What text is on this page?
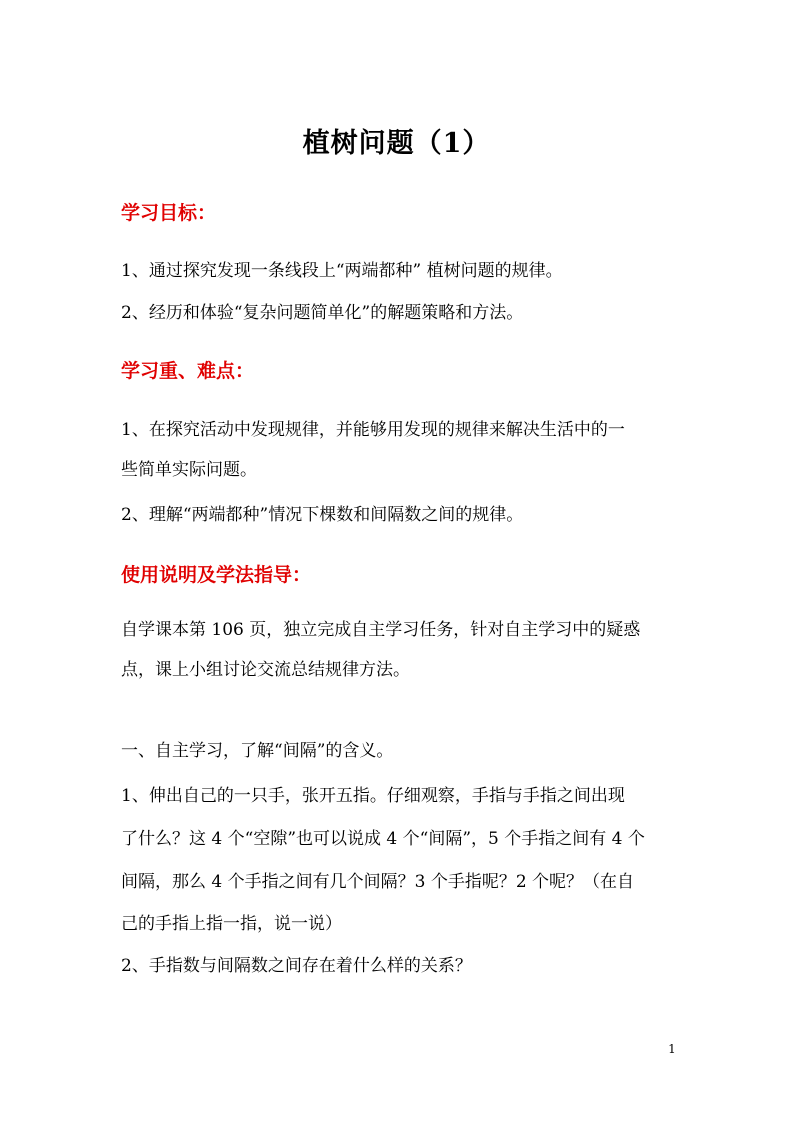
植树问题（1）
学习目标：
1、通过探究发现一条线段上“两端都种” 植树问题的规律。
2、经历和体验“复杂问题简单化”的解题策略和方法。
学习重、难点：
1、在探究活动中发现规律，并能够用发现的规律来解决生活中的一
些简单实际问题。
2、理解“两端都种”情况下棵数和间隔数之间的规律。
使用说明及学法指导：
自学课本第 106 页，独立完成自主学习任务，针对自主学习中的疑惑
点，课上小组讨论交流总结规律方法。
一、自主学习，了解“间隔”的含义。
1、伸出自己的一只手，张开五指。仔细观察，手指与手指之间出现
了什么？这 4 个“空隙”也可以说成 4 个“间隔”，5 个手指之间有 4 个
间隔，那么 4 个手指之间有几个间隔？3 个手指呢？2 个呢？（在自
己的手指上指一指，说一说）
2、手指数与间隔数之间存在着什么样的关系？
1
